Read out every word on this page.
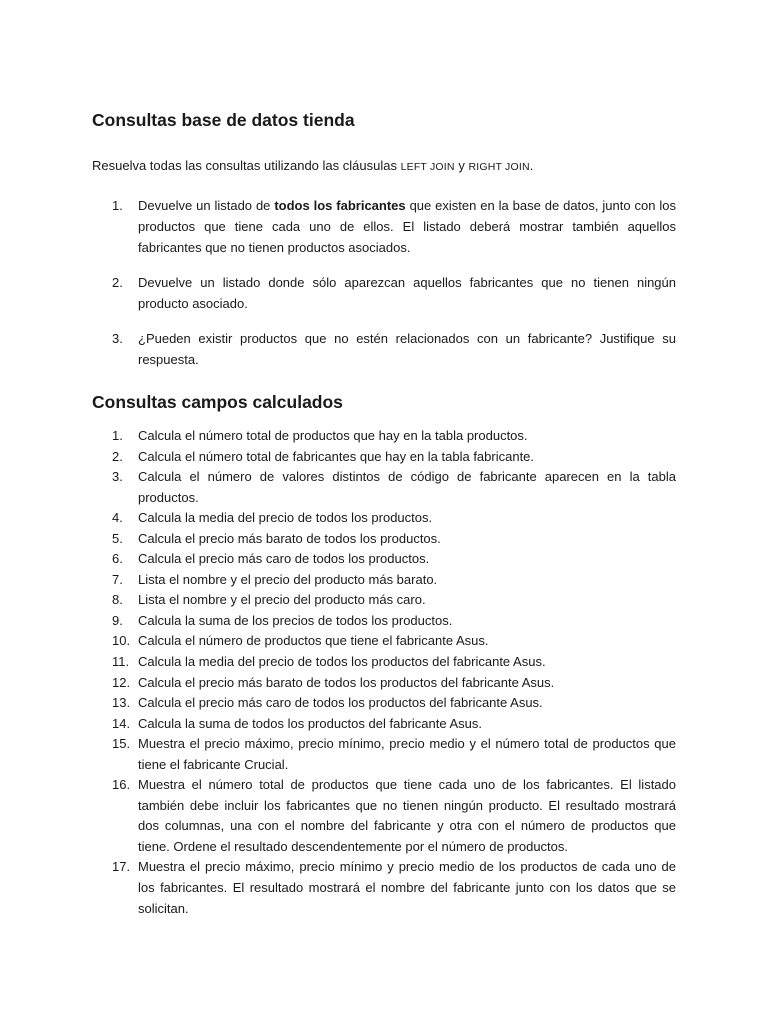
Consultas base de datos tienda

Resuelva todas las consultas utilizando las cláusulas LEFT JOIN y RIGHT JOIN.

1. Devuelve un listado de todos los fabricantes que existen en la base de datos, junto con los productos que tiene cada uno de ellos. El listado deberá mostrar también aquellos fabricantes que no tienen productos asociados.
2. Devuelve un listado donde sólo aparezcan aquellos fabricantes que no tienen ningún producto asociado.
3. ¿Pueden existir productos que no estén relacionados con un fabricante? Justifique su respuesta.
Consultas campos calculados
1. Calcula el número total de productos que hay en la tabla productos.
2. Calcula el número total de fabricantes que hay en la tabla fabricante.
3. Calcula el número de valores distintos de código de fabricante aparecen en la tabla productos.
4. Calcula la media del precio de todos los productos.
5. Calcula el precio más barato de todos los productos.
6. Calcula el precio más caro de todos los productos.
7. Lista el nombre y el precio del producto más barato.
8. Lista el nombre y el precio del producto más caro.
9. Calcula la suma de los precios de todos los productos.
10. Calcula el número de productos que tiene el fabricante Asus.
11. Calcula la media del precio de todos los productos del fabricante Asus.
12. Calcula el precio más barato de todos los productos del fabricante Asus.
13. Calcula el precio más caro de todos los productos del fabricante Asus.
14. Calcula la suma de todos los productos del fabricante Asus.
15. Muestra el precio máximo, precio mínimo, precio medio y el número total de productos que tiene el fabricante Crucial.
16. Muestra el número total de productos que tiene cada uno de los fabricantes. El listado también debe incluir los fabricantes que no tienen ningún producto. El resultado mostrará dos columnas, una con el nombre del fabricante y otra con el número de productos que tiene. Ordene el resultado descendentemente por el número de productos.
17. Muestra el precio máximo, precio mínimo y precio medio de los productos de cada uno de los fabricantes. El resultado mostrará el nombre del fabricante junto con los datos que se solicitan.
